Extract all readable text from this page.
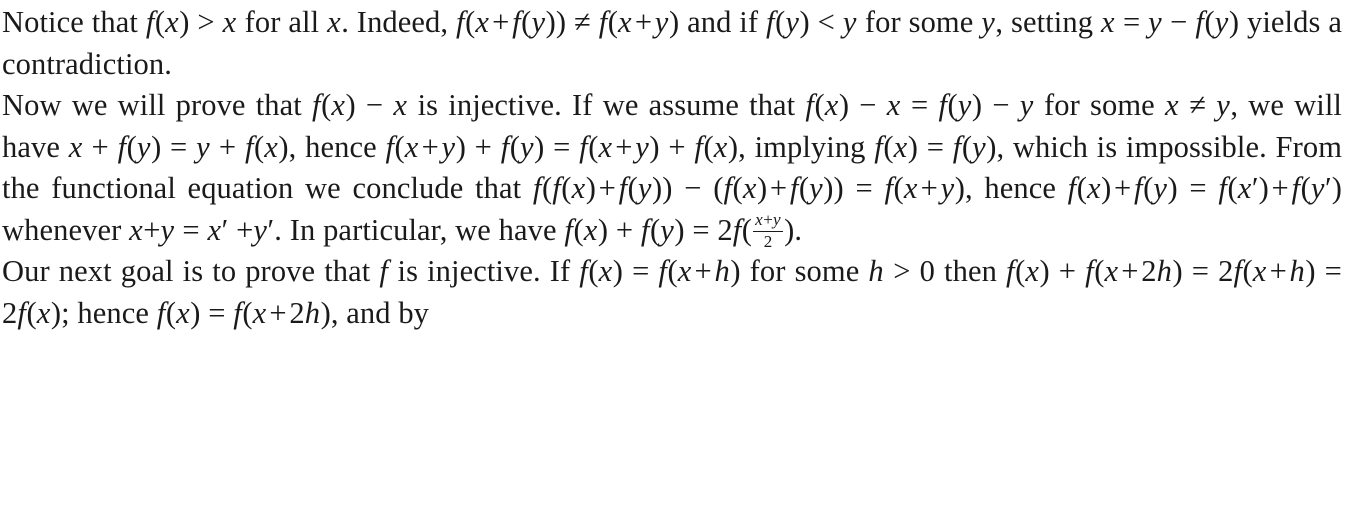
Notice that f(x) > x for all x. Indeed, f(x + f(y)) ≠ f(x + y) and if f(y) < y for some y, setting x = y − f(y) yields a contradiction.

Now we will prove that f(x) − x is injective. If we assume that f(x) − x = f(y) − y for some x ≠ y, we will have x + f(y) = y + f(x), hence f(x + y) + f(y) = f(x + y) + f(x), implying f(x) = f(y), which is impossible. From the functional equation we conclude that f(f(x) + f(y)) − (f(x) + f(y)) = f(x + y), hence f(x) + f(y) = f(x′) + f(y′) whenever x+y = x′ +y′. In particular, we have $f(x) + f(y) = 2f( \frac{x+y}{2}$ ).

Our next goal is to prove that f is injective. If f(x) = f(x + h) for some h > 0 then f(x) + f(x + 2h) = 2f(x + h) = 2f(x); hence f(x) = f(x + 2h), and by
